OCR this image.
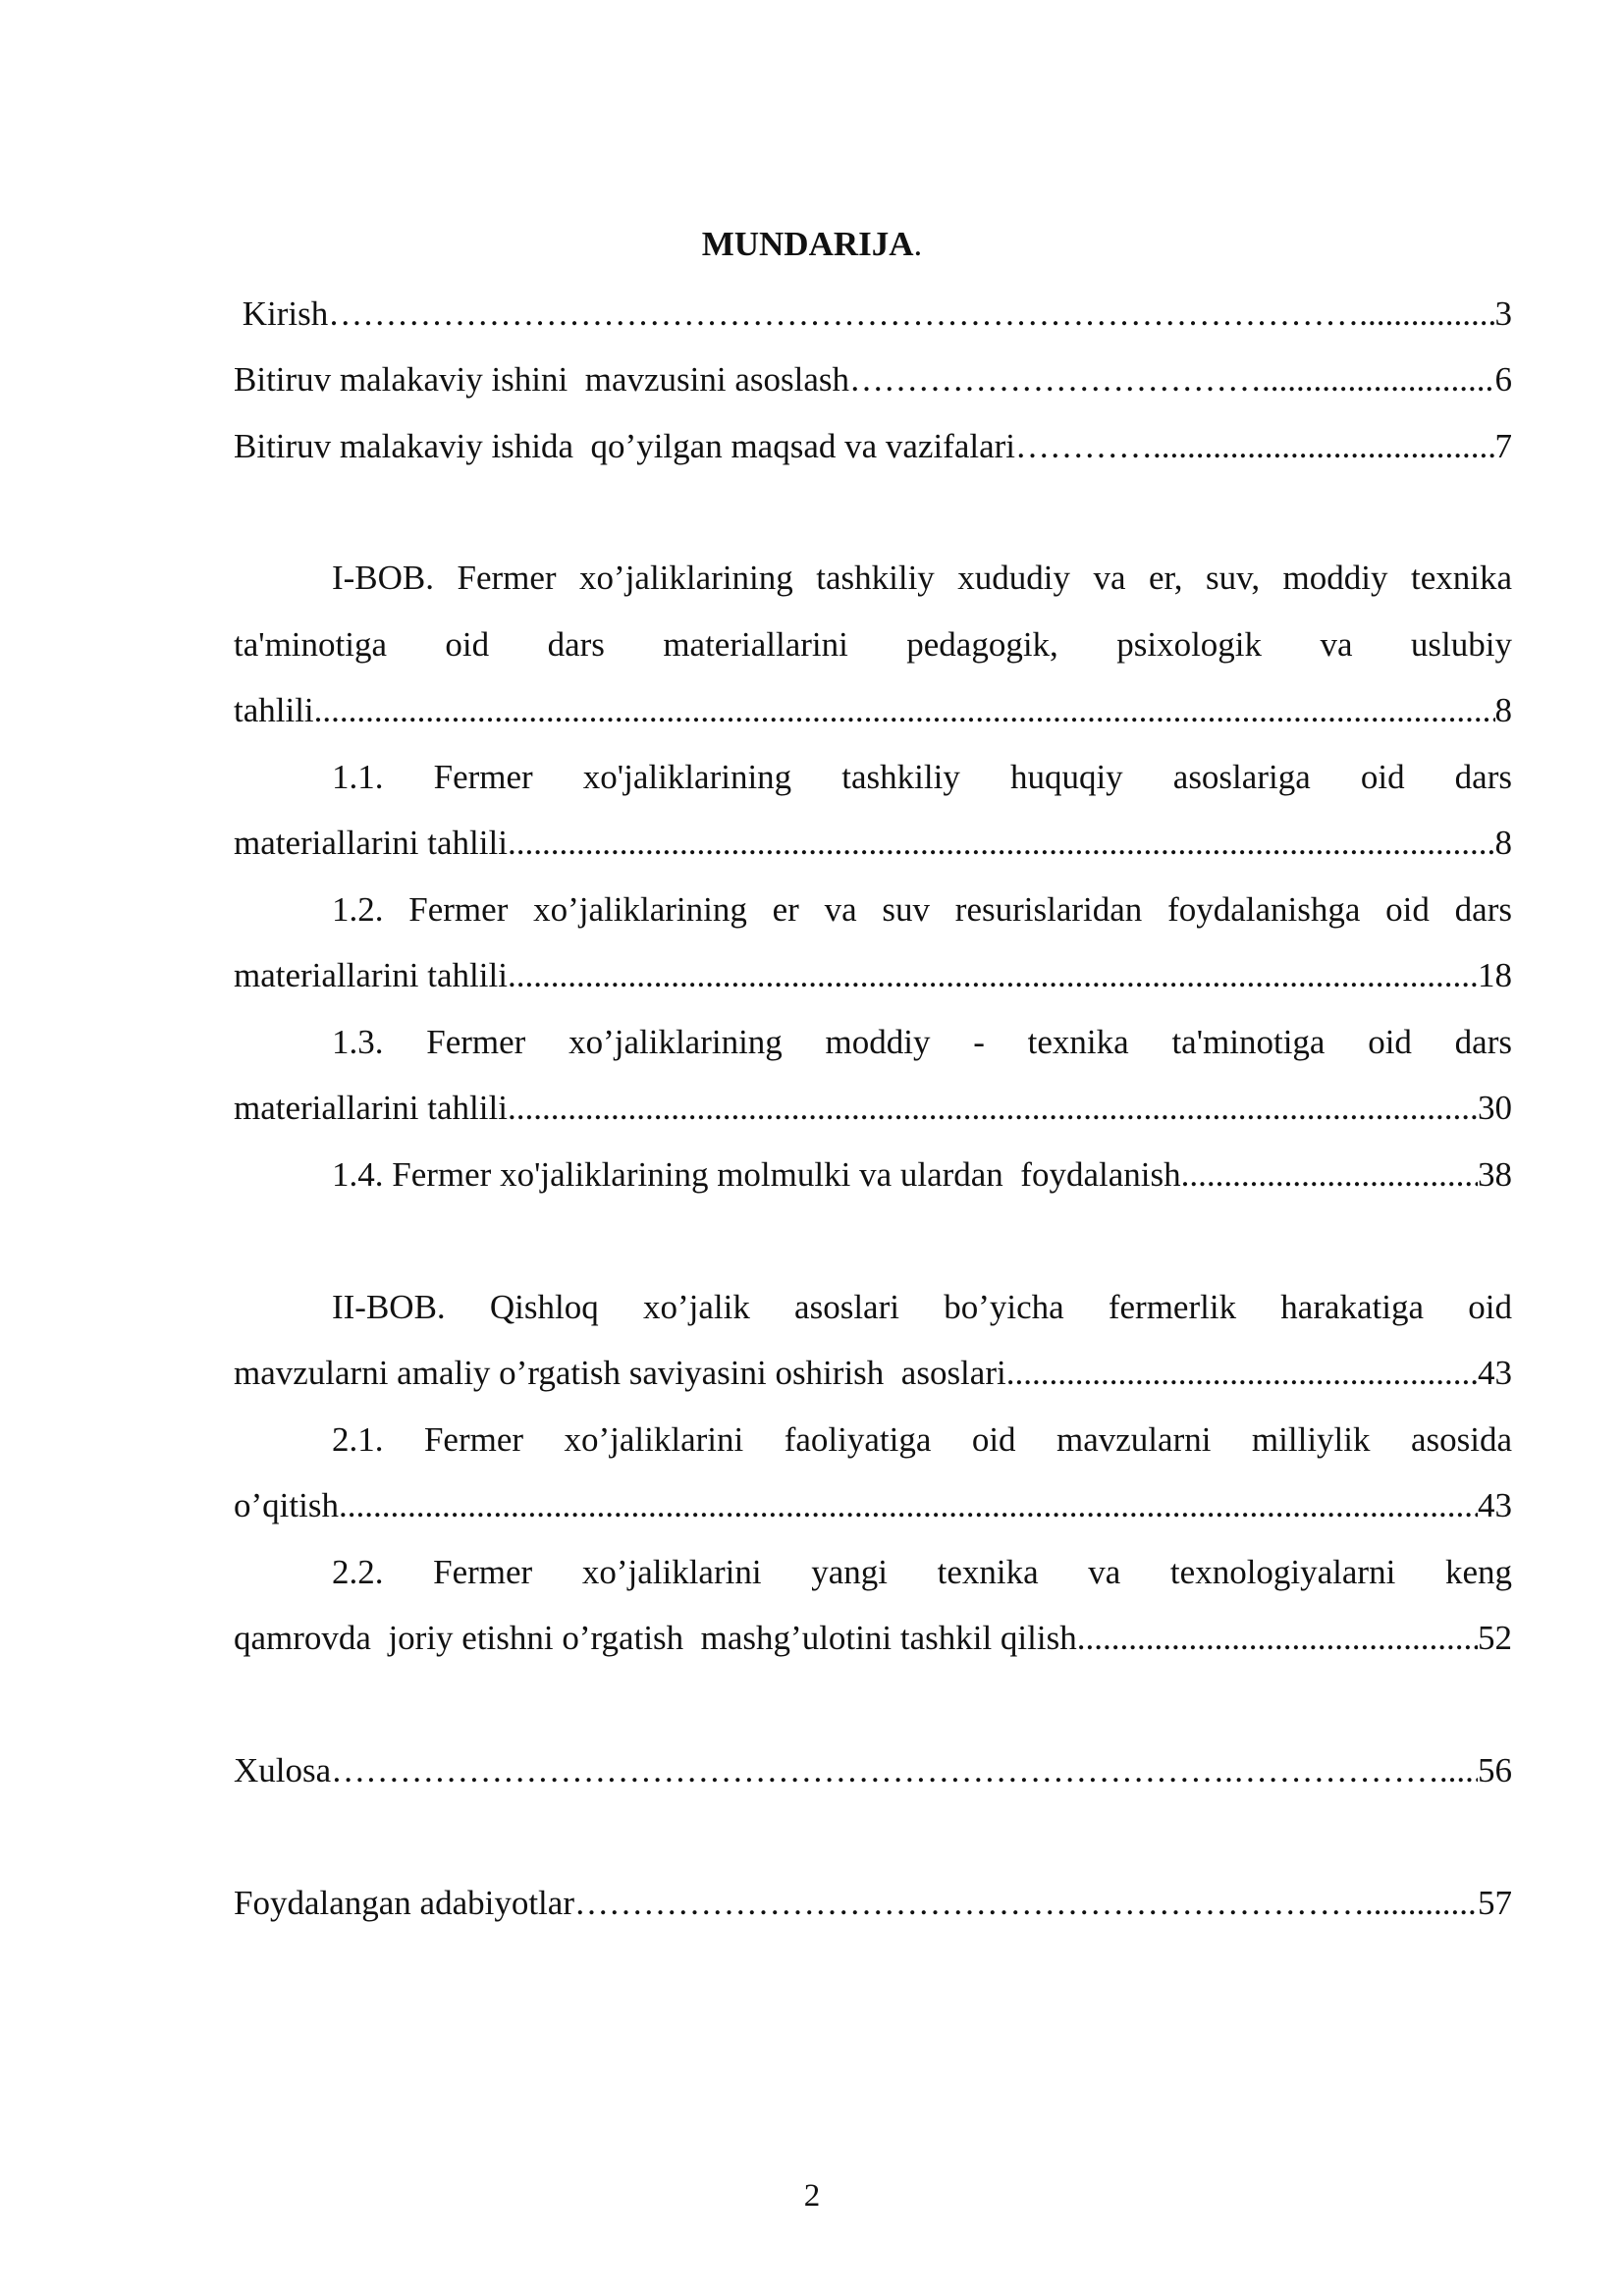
MUNDARIJA.
Kirish……………………………………………………………………………… .....	3
Bitiruv malakaviy ishini  mavzusini asoslash……………………………… .....	6
Bitiruv malakaviy ishida  qo’yilgan maqsad va vazifalari………… .....	7
I-BOB. Fermer xo’jaliklarining tashkiliy xududiy va er, suv, moddiy texnika
ta'minotiga oid dars materiallarini pedagogik, psixologik va uslubiy
tahlili .....	8
1.1. Fermer xo'jaliklarining tashkiliy huquqiy asoslariga oid dars
materiallarini tahlili .....	8
1.2. Fermer xo’jaliklarining er va suv resurislaridan foydalanishga oid dars
materiallarini tahlili .....	18
1.3. Fermer xo’jaliklarining moddiy - texnika ta'minotiga oid dars
materiallarini tahlili .....	30
1.4. Fermer xo'jaliklarining molmulki va ulardan  foydalanish. .....	38
II-BOB. Qishloq xo’jalik asoslari bo’yicha fermerlik harakatiga oid
mavzularni amaliy o’rgatish saviyasini oshirish  asoslari .....	43
2.1. Fermer xo’jaliklarini faoliyatiga oid mavzularni milliylik asosida
o’qitish .....	43
2.2. Fermer xo’jaliklarini yangi texnika va texnologiyalarni keng
qamrovda  joriy etishni o’rgatish  mashg’ulotini tashkil qilish .....	52
Xulosa…………………………………………………………………….………………. ..... 56
Foydalangan adabiyotlar…………………………………………………………… .....	57
2
